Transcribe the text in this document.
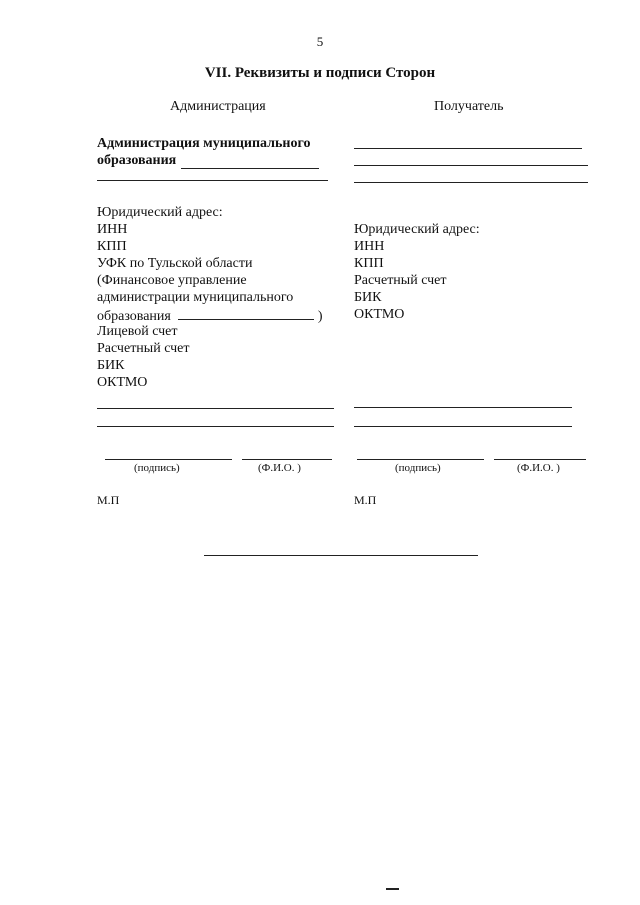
5
VII. Реквизиты и подписи Сторон
Администрация	Получатель
Администрация муниципального
образования
Юридический адрес:
ИНН
КПП
УФК по Тульской области
(Финансовое управление
администрации муниципального
образования	)
Лицевой счет
Расчетный счет
БИК
ОКТМО
Юридический адрес:
ИНН
КПП
Расчетный счет
БИК
ОКТМО
(подпись)	(Ф.И.О. )	(подпись)	(Ф.И.О. )
М.П	М.П
